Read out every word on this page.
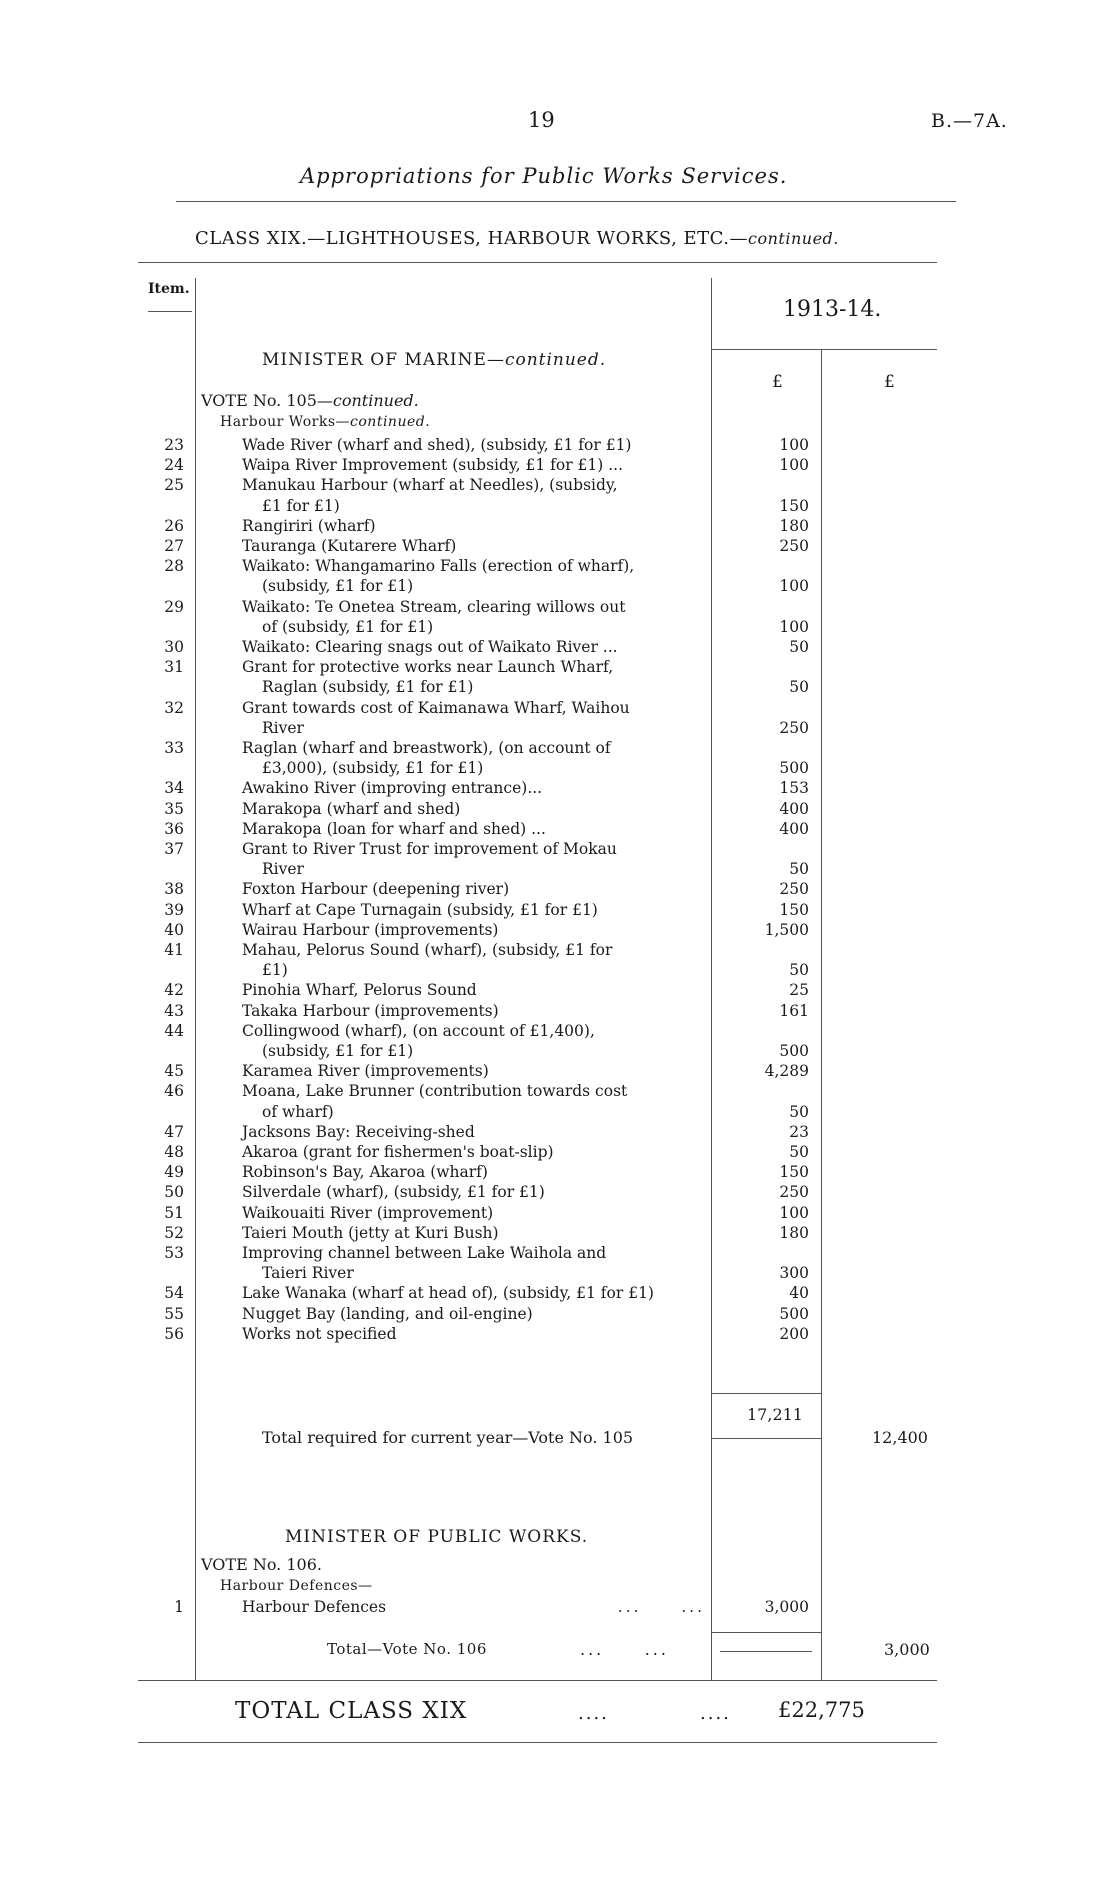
19	B.—7A.
Appropriations for Public Works Services.
CLASS XIX.—LIGHTHOUSES, HARBOUR WORKS, ETC.—continued.
Item.
1913-14.
£	£
MINISTER OF MARINE—continued.
VOTE No. 105—continued.
Harbour Works—continued.
23	Wade River (wharf and shed), (subsidy, £1 for £1)	100
24	Waipa River Improvement (subsidy, £1 for £1) ...	100
25	Manukau Harbour (wharf at Needles), (subsidy,
£1 for £1)	150
26	Rangiriri (wharf)	180
27	Tauranga (Kutarere Wharf)	250
28	Waikato: Whangamarino Falls (erection of wharf),
(subsidy, £1 for £1)	100
29	Waikato: Te Onetea Stream, clearing willows out
of (subsidy, £1 for £1)	100
30	Waikato: Clearing snags out of Waikato River ...	50
31	Grant for protective works near Launch Wharf,
Raglan (subsidy, £1 for £1)	50
32	Grant towards cost of Kaimanawa Wharf, Waihou
River	250
33	Raglan (wharf and breastwork), (on account of
£3,000), (subsidy, £1 for £1)	500
34	Awakino River (improving entrance)...	153
35	Marakopa (wharf and shed)	400
36	Marakopa (loan for wharf and shed) ...	400
37	Grant to River Trust for improvement of Mokau
River	50
38	Foxton Harbour (deepening river)	250
39	Wharf at Cape Turnagain (subsidy, £1 for £1)	150
40	Wairau Harbour (improvements)	1,500
41	Mahau, Pelorus Sound (wharf), (subsidy, £1 for
£1)	50
42	Pinohia Wharf, Pelorus Sound	25
43	Takaka Harbour (improvements)	161
44	Collingwood (wharf), (on account of £1,400),
(subsidy, £1 for £1)	500
45	Karamea River (improvements)	4,289
46	Moana, Lake Brunner (contribution towards cost
of wharf)	50
47	Jacksons Bay: Receiving-shed	23
48	Akaroa (grant for fishermen's boat-slip)	50
49	Robinson's Bay, Akaroa (wharf)	150
50	Silverdale (wharf), (subsidy, £1 for £1)	250
51	Waikouaiti River (improvement)	100
52	Taieri Mouth (jetty at Kuri Bush)	180
53	Improving channel between Lake Waihola and
Taieri River	300
54	Lake Wanaka (wharf at head of), (subsidy, £1 for £1)	40
55	Nugget Bay (landing, and oil-engine)	500
56	Works not specified	200
17,211
Total required for current year—Vote No. 105	12,400
MINISTER OF PUBLIC WORKS.
VOTE No. 106.
Harbour Defences—
1	Harbour Defences	...     ...	3,000
Total—Vote No. 106	...     ...	3,000
TOTAL CLASS XIX	....	.... £22,775
